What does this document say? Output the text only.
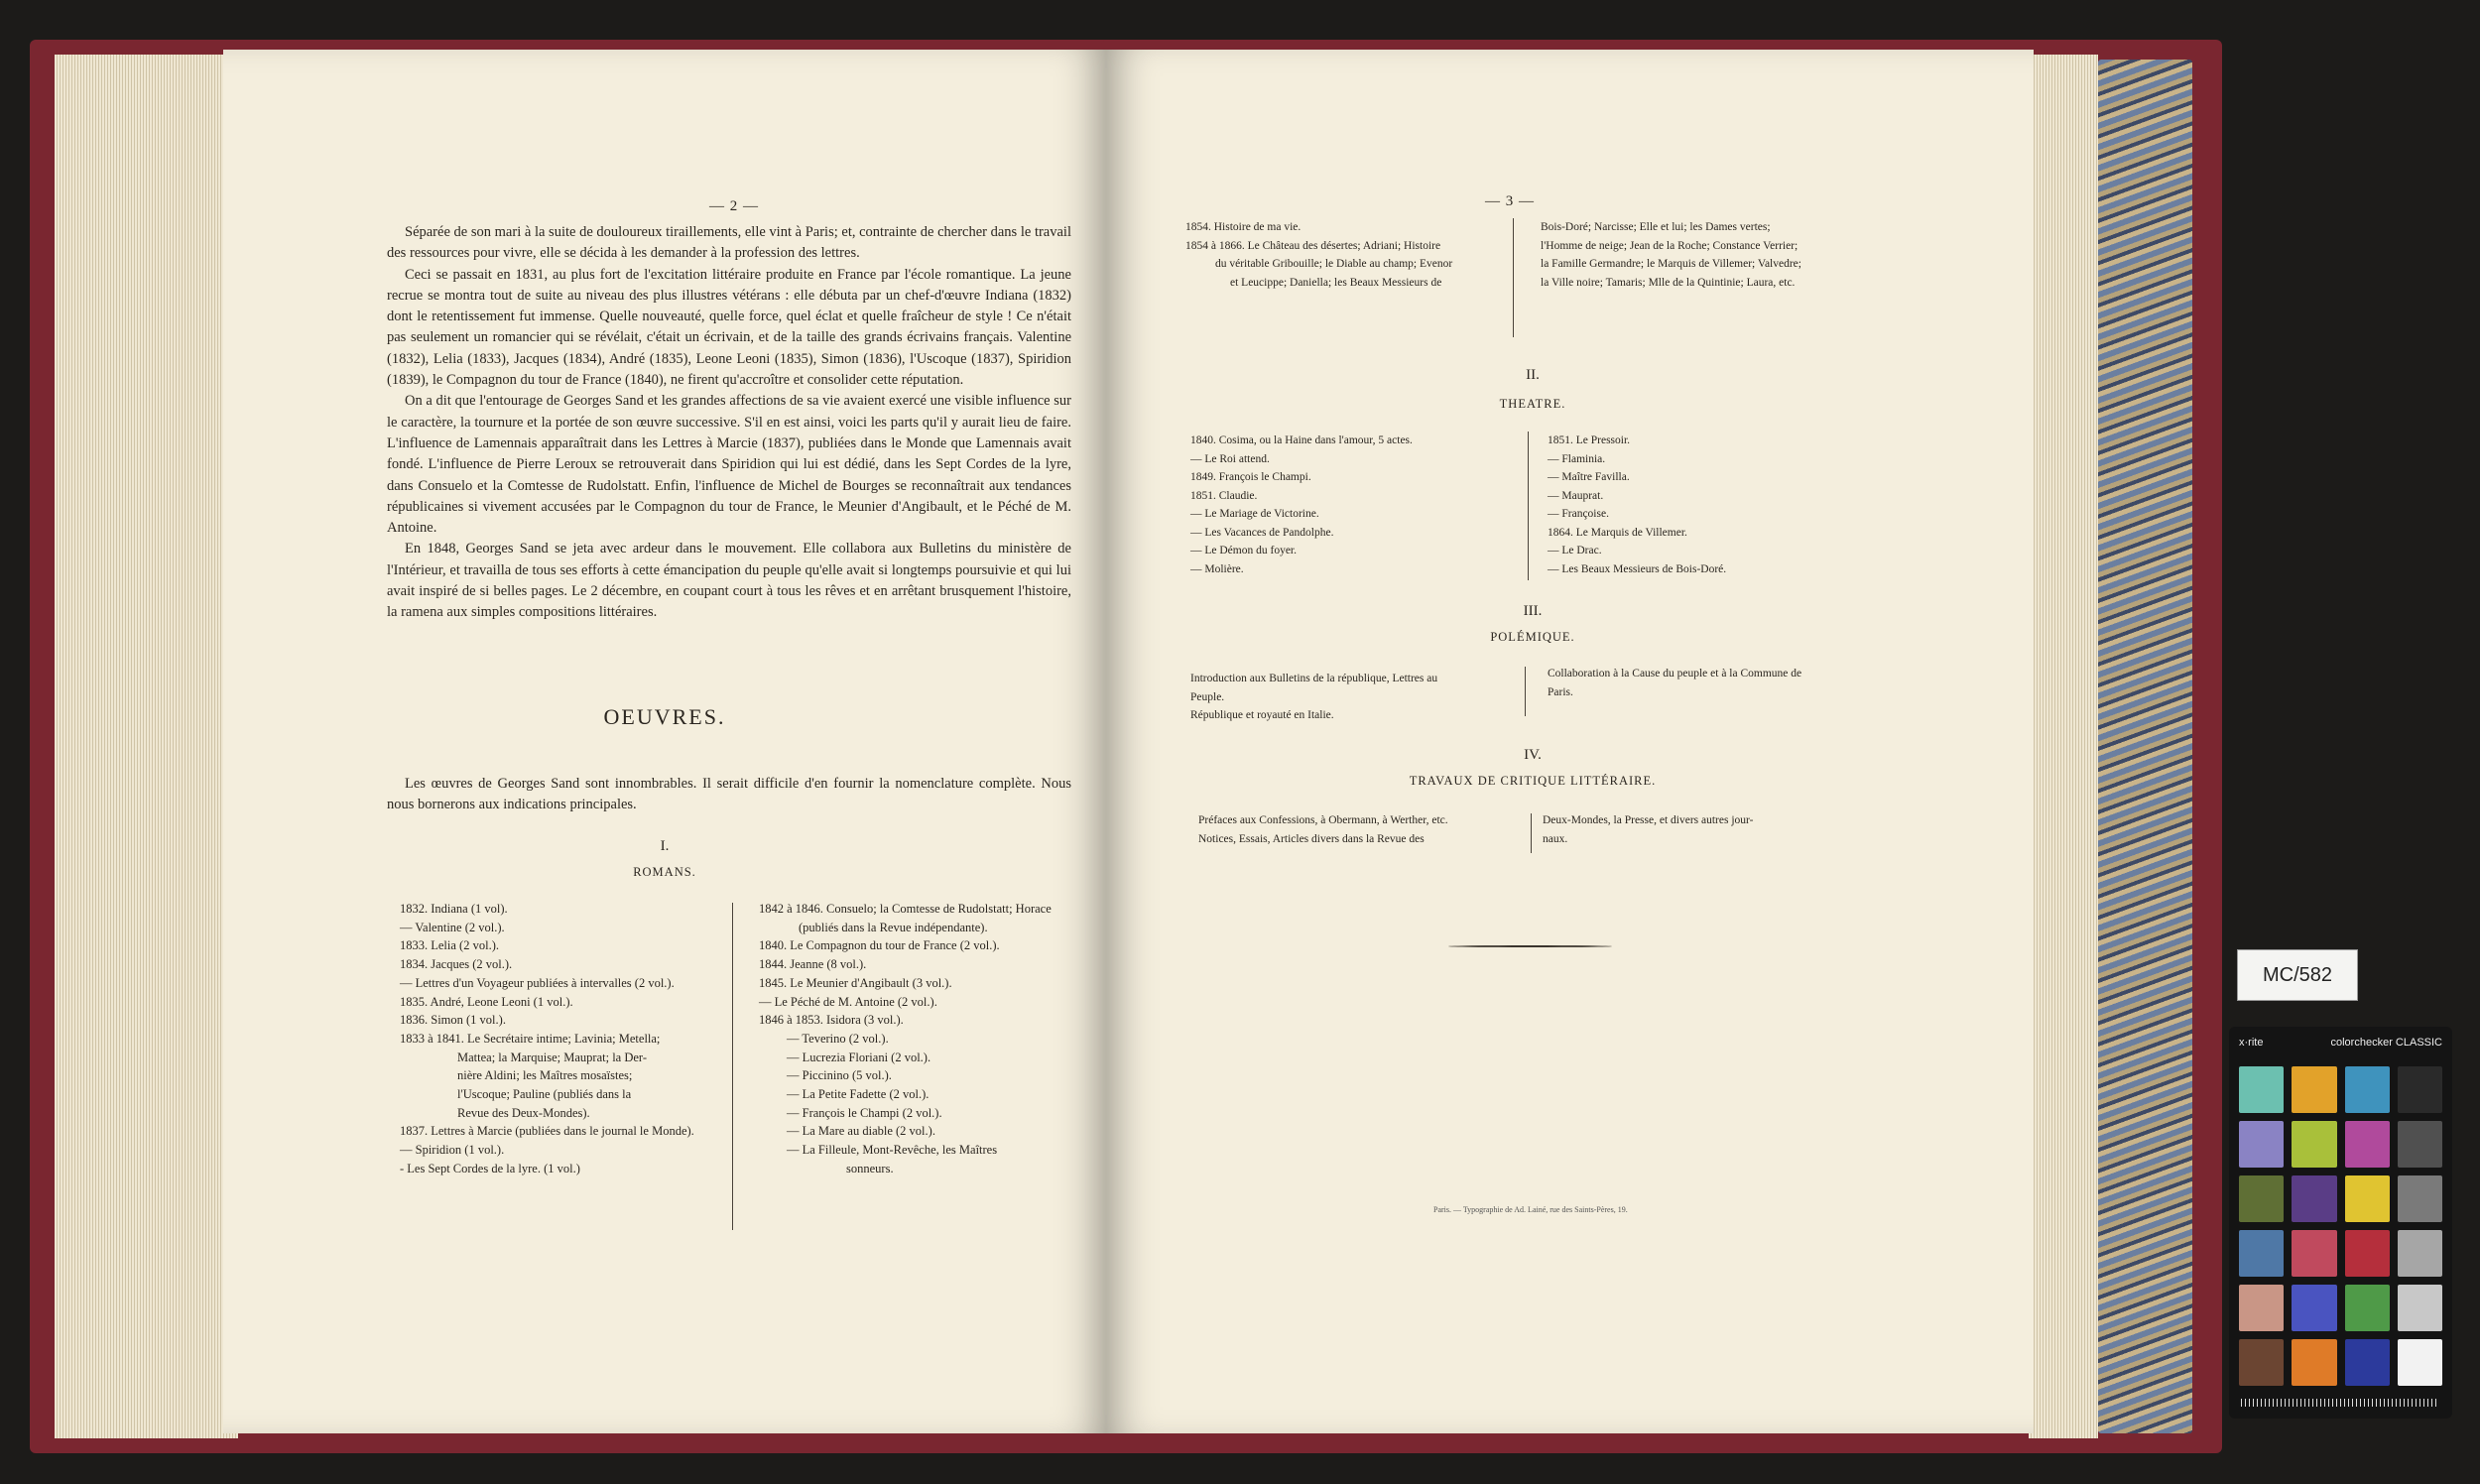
— 2 —

Séparée de son mari à la suite de douloureux tiraillements, elle vint à Paris; et, contrainte de chercher dans le travail des ressources pour vivre, elle se décida à les demander à la profession des lettres.

Ceci se passait en 1831, au plus fort de l'excitation littéraire produite en France par l'école romantique. La jeune recrue se montra tout de suite au niveau des plus illustres vétérans : elle débuta par un chef-d'œuvre Indiana (1832) dont le retentissement fut immense. Quelle nouveauté, quelle force, quel éclat et quelle fraîcheur de style ! Ce n'était pas seulement un romancier qui se révélait, c'était un écrivain, et de la taille des grands écrivains français. Valentine (1832), Lelia (1833), Jacques (1834), André (1835), Leone Leoni (1835), Simon (1836), l'Uscoque (1837), Spiridion (1839), le Compagnon du tour de France (1840), ne firent qu'accroître et consolider cette réputation.

On a dit que l'entourage de Georges Sand et les grandes affections de sa vie avaient exercé une visible influence sur le caractère, la tournure et la portée de son œuvre successive. S'il en est ainsi, voici les parts qu'il y aurait lieu de faire. L'influence de Lamennais apparaîtrait dans les Lettres à Marcie (1837), publiées dans le Monde que Lamennais avait fondé. L'influence de Pierre Leroux se retrouverait dans Spiridion qui lui est dédié, dans les Sept Cordes de la lyre, dans Consuelo et la Comtesse de Rudolstatt. Enfin, l'influence de Michel de Bourges se reconnaîtrait aux tendances républicaines si vivement accusées par le Compagnon du tour de France, le Meunier d'Angibault, et le Péché de M. Antoine.

En 1848, Georges Sand se jeta avec ardeur dans le mouvement. Elle collabora aux Bulletins du ministère de l'Intérieur, et travailla de tous ses efforts à cette émancipation du peuple qu'elle avait si longtemps poursuivie et qui lui avait inspiré de si belles pages. Le 2 décembre, en coupant court à tous les rêves et en arrêtant brusquement l'histoire, la ramena aux simples compositions littéraires.

OEUVRES.

Les œuvres de Georges Sand sont innombrables. Il serait difficile d'en fournir la nomenclature complète. Nous nous bornerons aux indications principales.

I.
ROMANS.
1832. Indiana (1 vol).
— Valentine (2 vol.).
1833. Lelia (2 vol.).
1834. Jacques (2 vol.).
— Lettres d'un Voyageur publiées à intervalles (2 vol.).
1835. André, Leone Leoni (1 vol.).
1836. Simon (1 vol.).
1833 à 1841. Le Secrétaire intime; Lavinia; Metella;
Mattea; la Marquise; Mauprat; la Der-
nière Aldini; les Maîtres mosaïstes;
l'Uscoque; Pauline (publiés dans la
Revue des Deux-Mondes).
1837. Lettres à Marcie (publiées dans le journal le Monde).
— Spiridion (1 vol.).
- Les Sept Cordes de la lyre. (1 vol.)
1842 à 1846. Consuelo; la Comtesse de Rudolstatt; Horace
(publiés dans la Revue indépendante).
1840. Le Compagnon du tour de France (2 vol.).
1844. Jeanne (8 vol.).
1845. Le Meunier d'Angibault (3 vol.).
— Le Péché de M. Antoine (2 vol.).
1846 à 1853. Isidora (3 vol.).
— Teverino (2 vol.).
— Lucrezia Floriani (2 vol.).
— Piccinino (5 vol.).
— La Petite Fadette (2 vol.).
— François le Champi (2 vol.).
— La Mare au diable (2 vol.).
— La Filleule, Mont-Revêche, les Maîtres
sonneurs.
— 3 —
1854. Histoire de ma vie.
1854 à 1866. Le Château des désertes; Adriani; Histoire
du véritable Gribouille; le Diable au champ; Evenor
et Leucippe; Daniella; les Beaux Messieurs de
Bois-Doré; Narcisse; Elle et lui; les Dames vertes;
l'Homme de neige; Jean de la Roche; Constance Verrier;
la Famille Germandre; le Marquis de Villemer; Valvedre;
la Ville noire; Tamaris; Mlle de la Quintinie; Laura, etc.
II.
THEATRE.
1840. Cosima, ou la Haine dans l'amour, 5 actes.
— Le Roi attend.
1849. François le Champi.
1851. Claudie.
— Le Mariage de Victorine.
— Les Vacances de Pandolphe.
— Le Démon du foyer.
— Molière.
1851. Le Pressoir.
— Flaminia.
— Maître Favilla.
— Mauprat.
— Françoise.
1864. Le Marquis de Villemer.
— Le Drac.
— Les Beaux Messieurs de Bois-Doré.
III.
POLÉMIQUE.
Introduction aux Bulletins de la république, Lettres au
Peuple.
République et royauté en Italie.
Collaboration à la Cause du peuple et à la Commune de
Paris.
IV.
TRAVAUX DE CRITIQUE LITTÉRAIRE.
Préfaces aux Confessions, à Obermann, à Werther, etc.
Notices, Essais, Articles divers dans la Revue des
Deux-Mondes, la Presse, et divers autres jour-
naux.
Paris. — Typographie de Ad. Lainé, rue des Saints-Pères, 19.
MC/582
x·rite	colorchecker CLASSIC
